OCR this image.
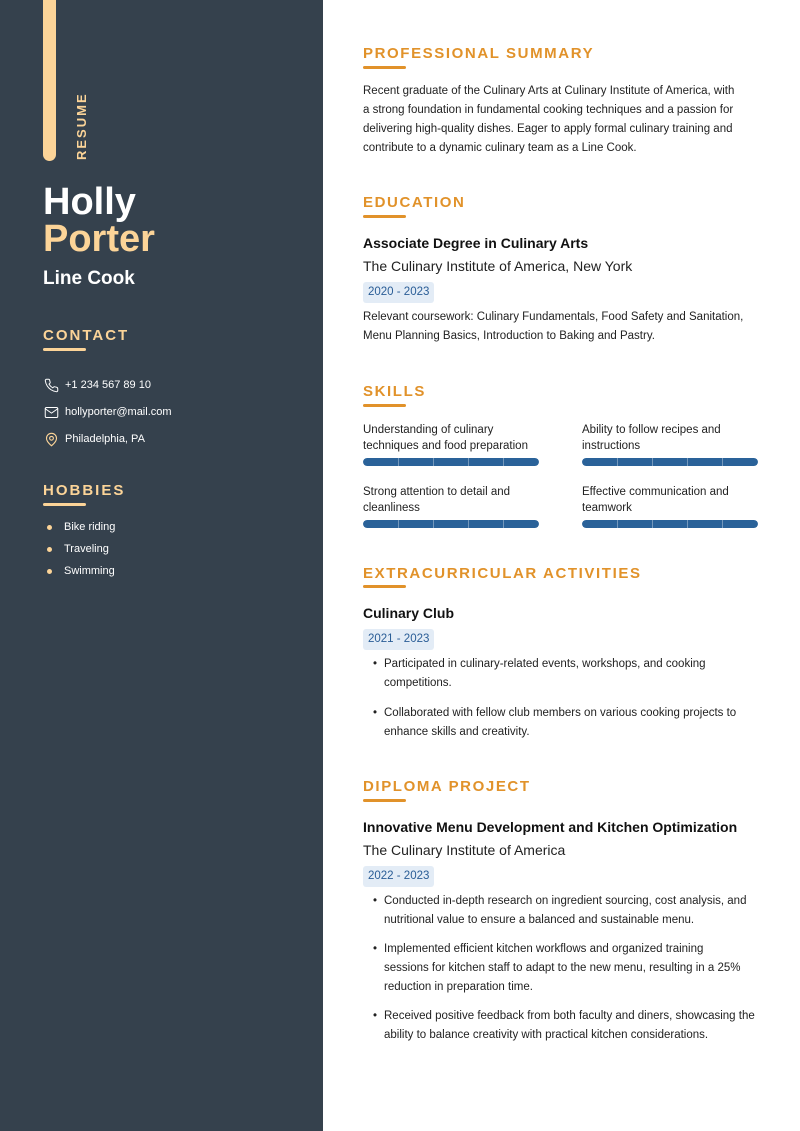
RESUME
Holly
Porter
Line Cook
CONTACT
+1 234 567 89 10
hollyporter@mail.com
Philadelphia, PA
HOBBIES
Bike riding
Traveling
Swimming
PROFESSIONAL SUMMARY
Recent graduate of the Culinary Arts at Culinary Institute of America, with
a strong foundation in fundamental cooking techniques and a passion for
delivering high-quality dishes. Eager to apply formal culinary training and
contribute to a dynamic culinary team as a Line Cook.
EDUCATION
Associate Degree in Culinary Arts
The Culinary Institute of America, New York
2020 - 2023
Relevant coursework: Culinary Fundamentals, Food Safety and Sanitation,
Menu Planning Basics, Introduction to Baking and Pastry.
SKILLS
Understanding of culinary
techniques and food preparation
Ability to follow recipes and
instructions
Strong attention to detail and
cleanliness
Effective communication and
teamwork
EXTRACURRICULAR ACTIVITIES
Culinary Club
2021 - 2023
• Participated in culinary-related events, workshops, and cooking
competitions.
• Collaborated with fellow club members on various cooking projects to
enhance skills and creativity.
DIPLOMA PROJECT
Innovative Menu Development and Kitchen Optimization
The Culinary Institute of America
2022 - 2023
• Conducted in-depth research on ingredient sourcing, cost analysis, and
nutritional value to ensure a balanced and sustainable menu.
• Implemented efficient kitchen workflows and organized training
sessions for kitchen staff to adapt to the new menu, resulting in a 25%
reduction in preparation time.
• Received positive feedback from both faculty and diners, showcasing the
ability to balance creativity with practical kitchen considerations.
